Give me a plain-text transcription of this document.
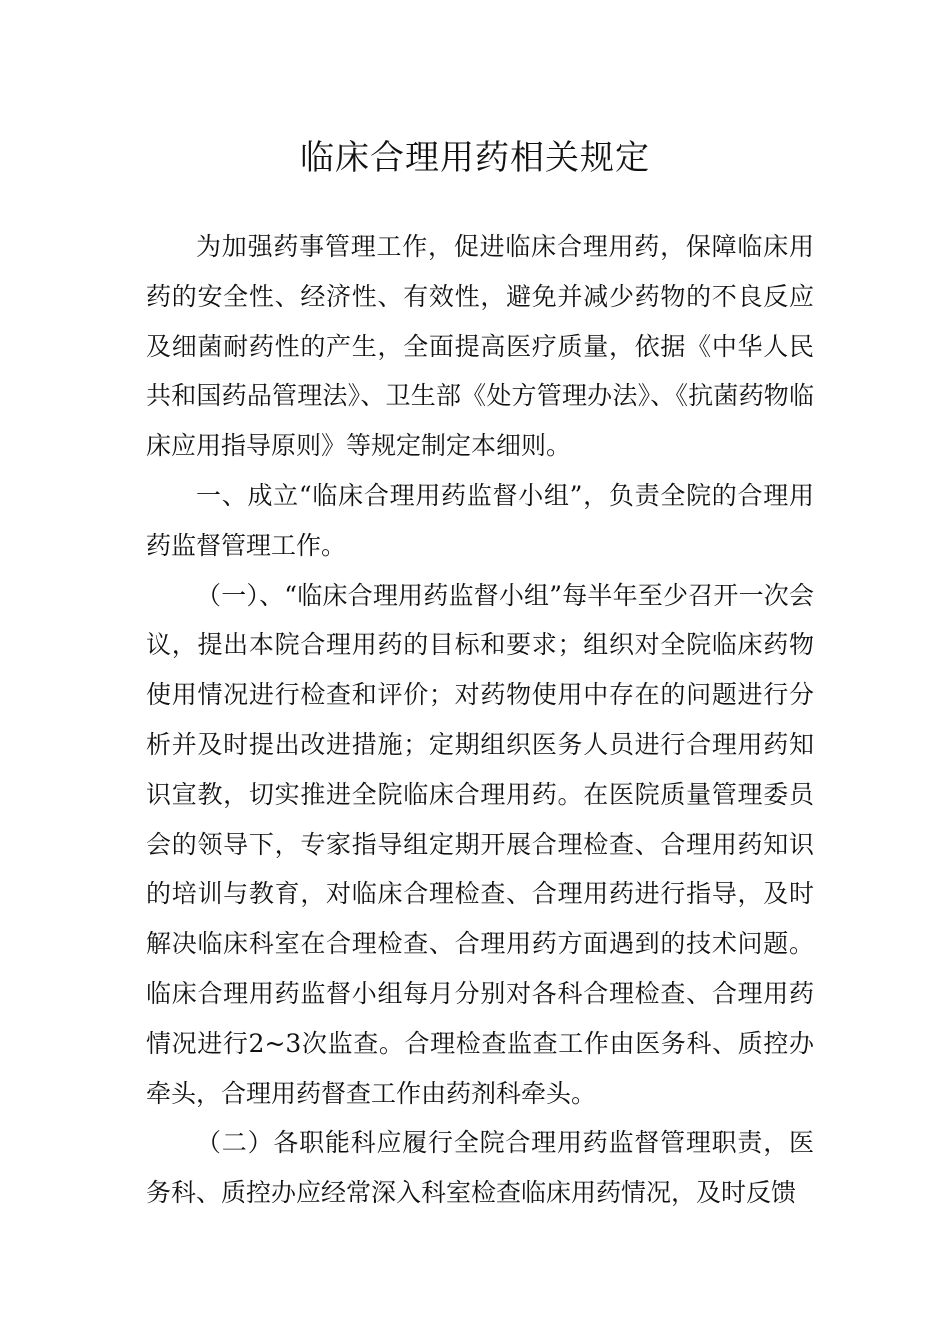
临床合理用药相关规定

为加强药事管理工作，促进临床合理用药，保障临床用药的安全性、经济性、有效性，避免并减少药物的不良反应及细菌耐药性的产生，全面提高医疗质量，依据《中华人民共和国药品管理法》、卫生部《处方管理办法》、《抗菌药物临床应用指导原则》等规定制定本细则。

一、成立“临床合理用药监督小组”，负责全院的合理用药监督管理工作。

（一）、“临床合理用药监督小组”每半年至少召开一次会议，提出本院合理用药的目标和要求；组织对全院临床药物使用情况进行检查和评价；对药物使用中存在的问题进行分析并及时提出改进措施；定期组织医务人员进行合理用药知识宣教，切实推进全院临床合理用药。在医院质量管理委员会的领导下，专家指导组定期开展合理检查、合理用药知识的培训与教育，对临床合理检查、合理用药进行指导，及时解决临床科室在合理检查、合理用药方面遇到的技术问题。临床合理用药监督小组每月分别对各科合理检查、合理用药情况进行2~3次监查。合理检查监查工作由医务科、质控办牵头，合理用药督查工作由药剂科牵头。

（二）各职能科应履行全院合理用药监督管理职责，医务科、质控办应经常深入科室检查临床用药情况，及时反馈
